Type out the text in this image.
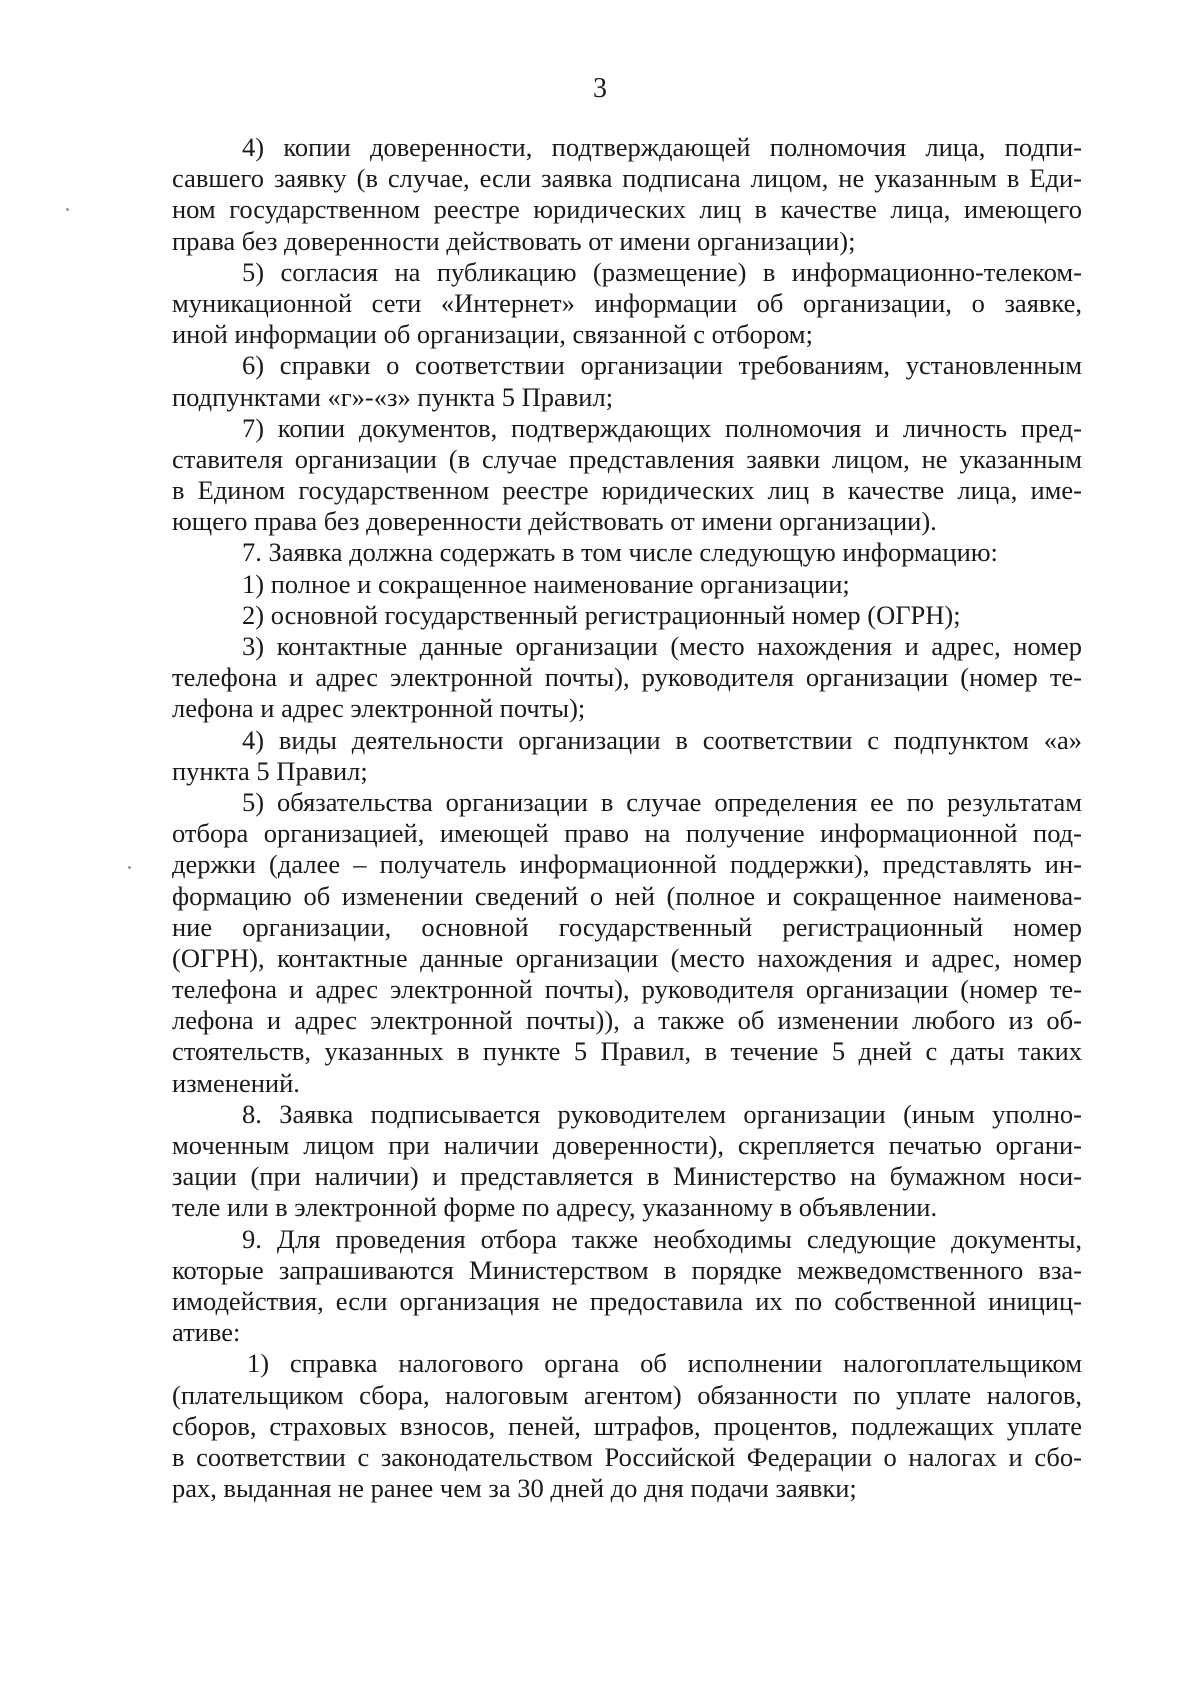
3
4) копии доверенности, подтверждающей полномочия лица, подпи-
савшего заявку (в случае, если заявка подписана лицом, не указанным в Еди-
ном государственном реестре юридических лиц в качестве лица, имеющего
права без доверенности действовать от имени организации);
5) согласия на публикацию (размещение) в информационно-телеком-
муникационной сети «Интернет» информации об организации, о заявке,
иной информации об организации, связанной с отбором;
6) справки о соответствии организации требованиям, установленным
подпунктами «г»-«з» пункта 5 Правил;
7) копии документов, подтверждающих полномочия и личность пред-
ставителя организации (в случае представления заявки лицом, не указанным
в Едином государственном реестре юридических лиц в качестве лица, име-
ющего права без доверенности действовать от имени организации).
7. Заявка должна содержать в том числе следующую информацию:
1) полное и сокращенное наименование организации;
2) основной государственный регистрационный номер (ОГРН);
3) контактные данные организации (место нахождения и адрес, номер
телефона и адрес электронной почты), руководителя организации (номер те-
лефона и адрес электронной почты);
4) виды деятельности организации в соответствии с подпунктом «а»
пункта 5 Правил;
5) обязательства организации в случае определения ее по результатам
отбора организацией, имеющей право на получение информационной под-
держки (далее – получатель информационной поддержки), представлять ин-
формацию об изменении сведений о ней (полное и сокращенное наименова-
ние организации, основной государственный регистрационный номер
(ОГРН), контактные данные организации (место нахождения и адрес, номер
телефона и адрес электронной почты), руководителя организации (номер те-
лефона и адрес электронной почты)), а также об изменении любого из об-
стоятельств, указанных в пункте 5 Правил, в течение 5 дней с даты таких
изменений.
8. Заявка подписывается руководителем организации (иным уполно-
моченным лицом при наличии доверенности), скрепляется печатью органи-
зации (при наличии) и представляется в Министерство на бумажном носи-
теле или в электронной форме по адресу, указанному в объявлении.
9. Для проведения отбора также необходимы следующие документы,
которые запрашиваются Министерством в порядке межведомственного вза-
имодействия, если организация не предоставила их по собственной инициц-
ативе:
1) справка налогового органа об исполнении налогоплательщиком
(плательщиком сбора, налоговым агентом) обязанности по уплате налогов,
сборов, страховых взносов, пеней, штрафов, процентов, подлежащих уплате
в соответствии с законодательством Российской Федерации о налогах и сбо-
рах, выданная не ранее чем за 30 дней до дня подачи заявки;
